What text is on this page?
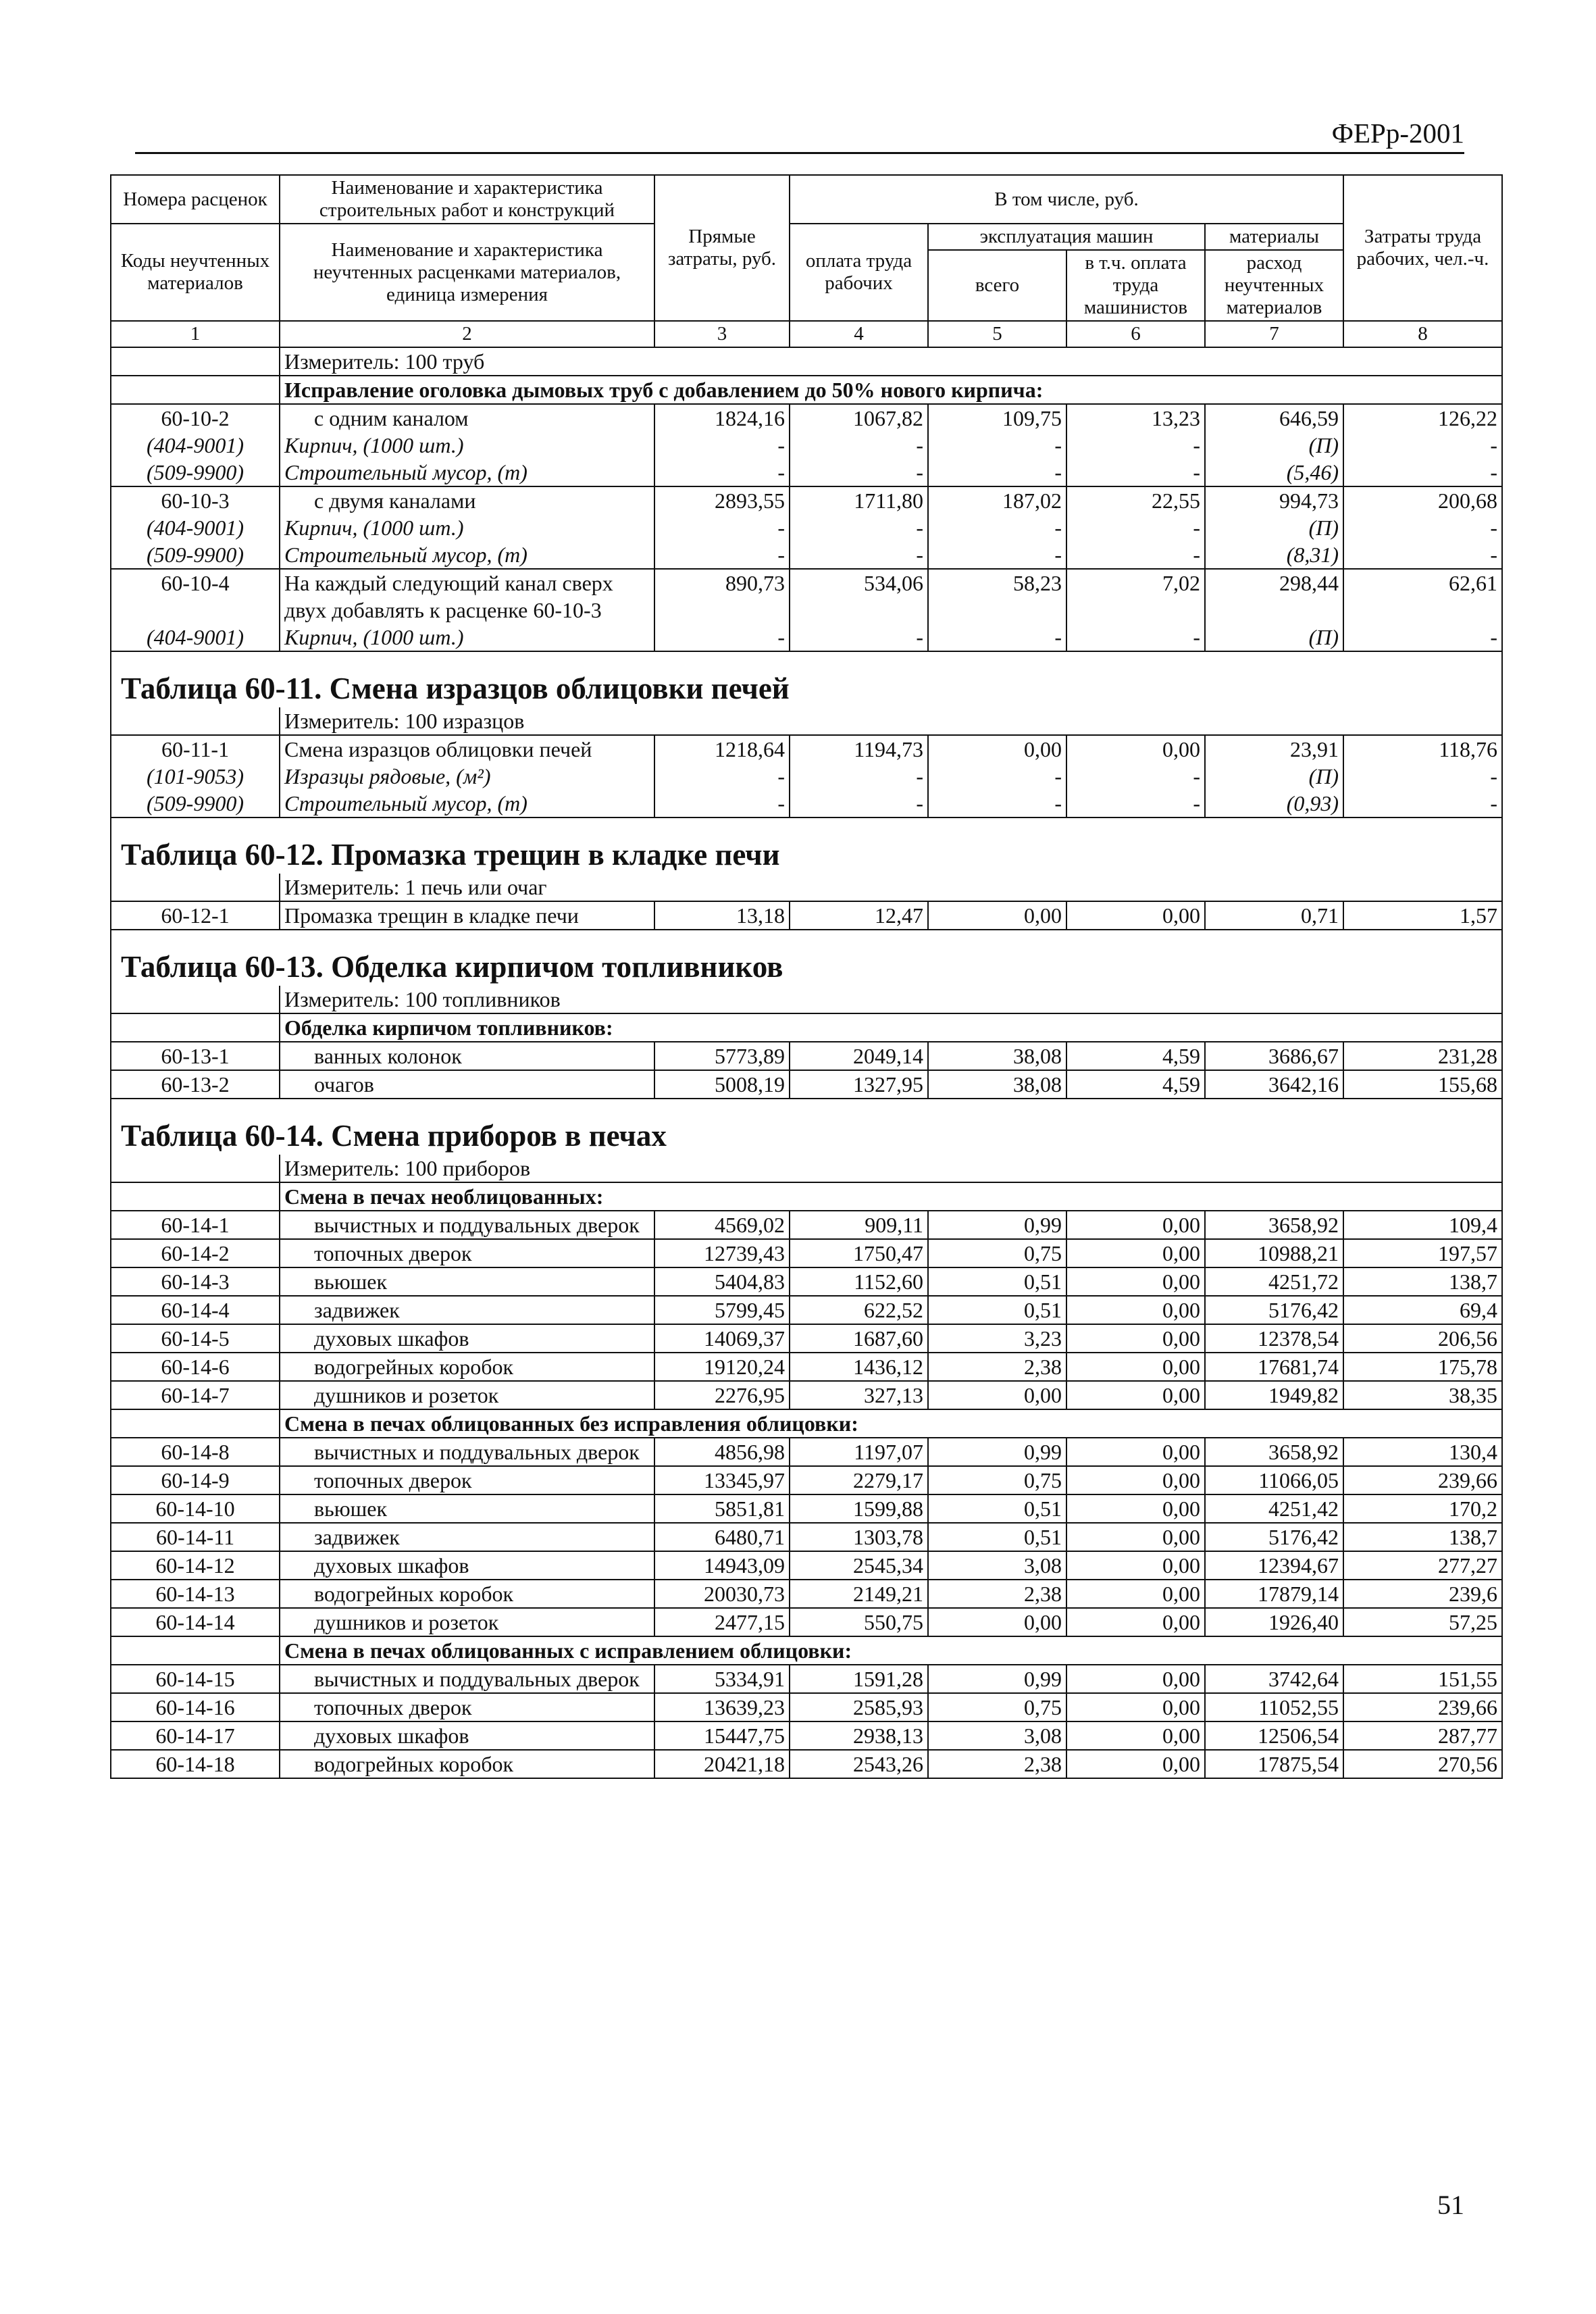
ФЕРр-2001
Номера расценок	Наименование и характеристика строительных работ и конструкций	Прямые затраты, руб.	В том числе, руб.				Затраты труда рабочих, чел.-ч.
Коды неучтенных материалов	Наименование и характеристика неучтенных расценками материалов, единица измерения		оплата труда рабочих	эксплуатация машин		материалы	
				всего	в т.ч. оплата труда машинистов	расход неучтенных материалов	
1	2	3	4	5	6	7	8
	Измеритель: 100 труб						
	Исправление оголовка дымовых труб с добавлением до 50% нового кирпича:						
60-10-2	с одним каналом	1824,16	1067,82	109,75	13,23	646,59	126,22
(404-9001)	Кирпич, (1000 шт.)	-	-	-	-	(П)	-
(509-9900)	Строительный мусор, (т)	-	-	-	-	(5,46)	-
60-10-3	с двумя каналами	2893,55	1711,80	187,02	22,55	994,73	200,68
(404-9001)	Кирпич, (1000 шт.)	-	-	-	-	(П)	-
(509-9900)	Строительный мусор, (т)	-	-	-	-	(8,31)	-
60-10-4	На каждый следующий канал сверх двух добавлять к расценке 60-10-3	890,73	534,06	58,23	7,02	298,44	62,61
(404-9001)	Кирпич, (1000 шт.)	-	-	-	-	(П)	-
Таблица 60-11. Смена изразцов облицовки печей							
	Измеритель: 100 изразцов						
60-11-1	Смена изразцов облицовки печей	1218,64	1194,73	0,00	0,00	23,91	118,76
(101-9053)	Изразцы рядовые, (м²)	-	-	-	-	(П)	-
(509-9900)	Строительный мусор, (т)	-	-	-	-	(0,93)	-
Таблица 60-12. Промазка трещин в кладке печи							
	Измеритель: 1 печь или очаг						
60-12-1	Промазка трещин в кладке печи	13,18	12,47	0,00	0,00	0,71	1,57
Таблица 60-13. Обделка кирпичом топливников							
	Измеритель: 100 топливников						
	Обделка кирпичом топливников:						
60-13-1	ванных колонок	5773,89	2049,14	38,08	4,59	3686,67	231,28
60-13-2	очагов	5008,19	1327,95	38,08	4,59	3642,16	155,68
Таблица 60-14. Смена приборов в печах							
	Измеритель: 100 приборов						
	Смена в печах необлицованных:						
60-14-1	вычистных и поддувальных дверок	4569,02	909,11	0,99	0,00	3658,92	109,4
60-14-2	топочных дверок	12739,43	1750,47	0,75	0,00	10988,21	197,57
60-14-3	вьюшек	5404,83	1152,60	0,51	0,00	4251,72	138,7
60-14-4	задвижек	5799,45	622,52	0,51	0,00	5176,42	69,4
60-14-5	духовых шкафов	14069,37	1687,60	3,23	0,00	12378,54	206,56
60-14-6	водогрейных коробок	19120,24	1436,12	2,38	0,00	17681,74	175,78
60-14-7	душников и розеток	2276,95	327,13	0,00	0,00	1949,82	38,35
	Смена в печах облицованных без исправления облицовки:						
60-14-8	вычистных и поддувальных дверок	4856,98	1197,07	0,99	0,00	3658,92	130,4
60-14-9	топочных дверок	13345,97	2279,17	0,75	0,00	11066,05	239,66
60-14-10	вьюшек	5851,81	1599,88	0,51	0,00	4251,42	170,2
60-14-11	задвижек	6480,71	1303,78	0,51	0,00	5176,42	138,7
60-14-12	духовых шкафов	14943,09	2545,34	3,08	0,00	12394,67	277,27
60-14-13	водогрейных коробок	20030,73	2149,21	2,38	0,00	17879,14	239,6
60-14-14	душников и розеток	2477,15	550,75	0,00	0,00	1926,40	57,25
	Смена в печах облицованных с исправлением облицовки:						
60-14-15	вычистных и поддувальных дверок	5334,91	1591,28	0,99	0,00	3742,64	151,55
60-14-16	топочных дверок	13639,23	2585,93	0,75	0,00	11052,55	239,66
60-14-17	духовых шкафов	15447,75	2938,13	3,08	0,00	12506,54	287,77
60-14-18	водогрейных коробок	20421,18	2543,26	2,38	0,00	17875,54	270,56
51
